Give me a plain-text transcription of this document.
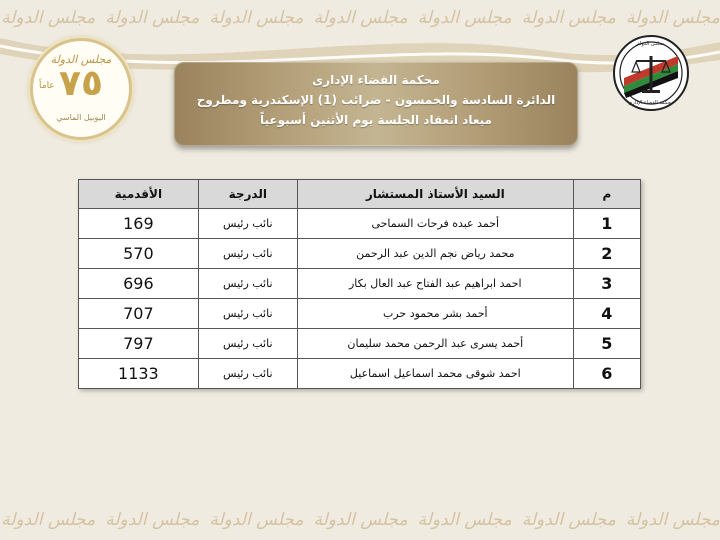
مجلس الدولةمجلس الدولةمجلس الدولةمجلس الدولةمجلس الدولةمجلس الدولةمجلس الدولة
مجلس الدولة
٧٥
عاماً
اليوبيل الماسي
محكمة القضاء الإداري
مجلس الدولة
محكمة القضاء الإدارى
الدائرة السادسة والخمسون - ضرائب (1) الإسكندرية ومطروح
ميعاد انعقاد الجلسة يوم الأثنين أسبوعياً
م	السيد الأستاذ المستشار	الدرجة	الأقدمية
1	أحمد عبده فرحات السماحى	نائب رئيس	169
2	محمد رياض نجم الدين عبد الرحمن	نائب رئيس	570
3	احمد ابراهيم عبد الفتاح عبد العال بكار	نائب رئيس	696
4	أحمد بشر محمود حرب	نائب رئيس	707
5	أحمد يسرى عبد الرحمن محمد سليمان	نائب رئيس	797
6	احمد شوقى محمد اسماعيل اسماعيل	نائب رئيس	1133
مجلس الدولةمجلس الدولةمجلس الدولةمجلس الدولةمجلس الدولةمجلس الدولةمجلس الدولة
